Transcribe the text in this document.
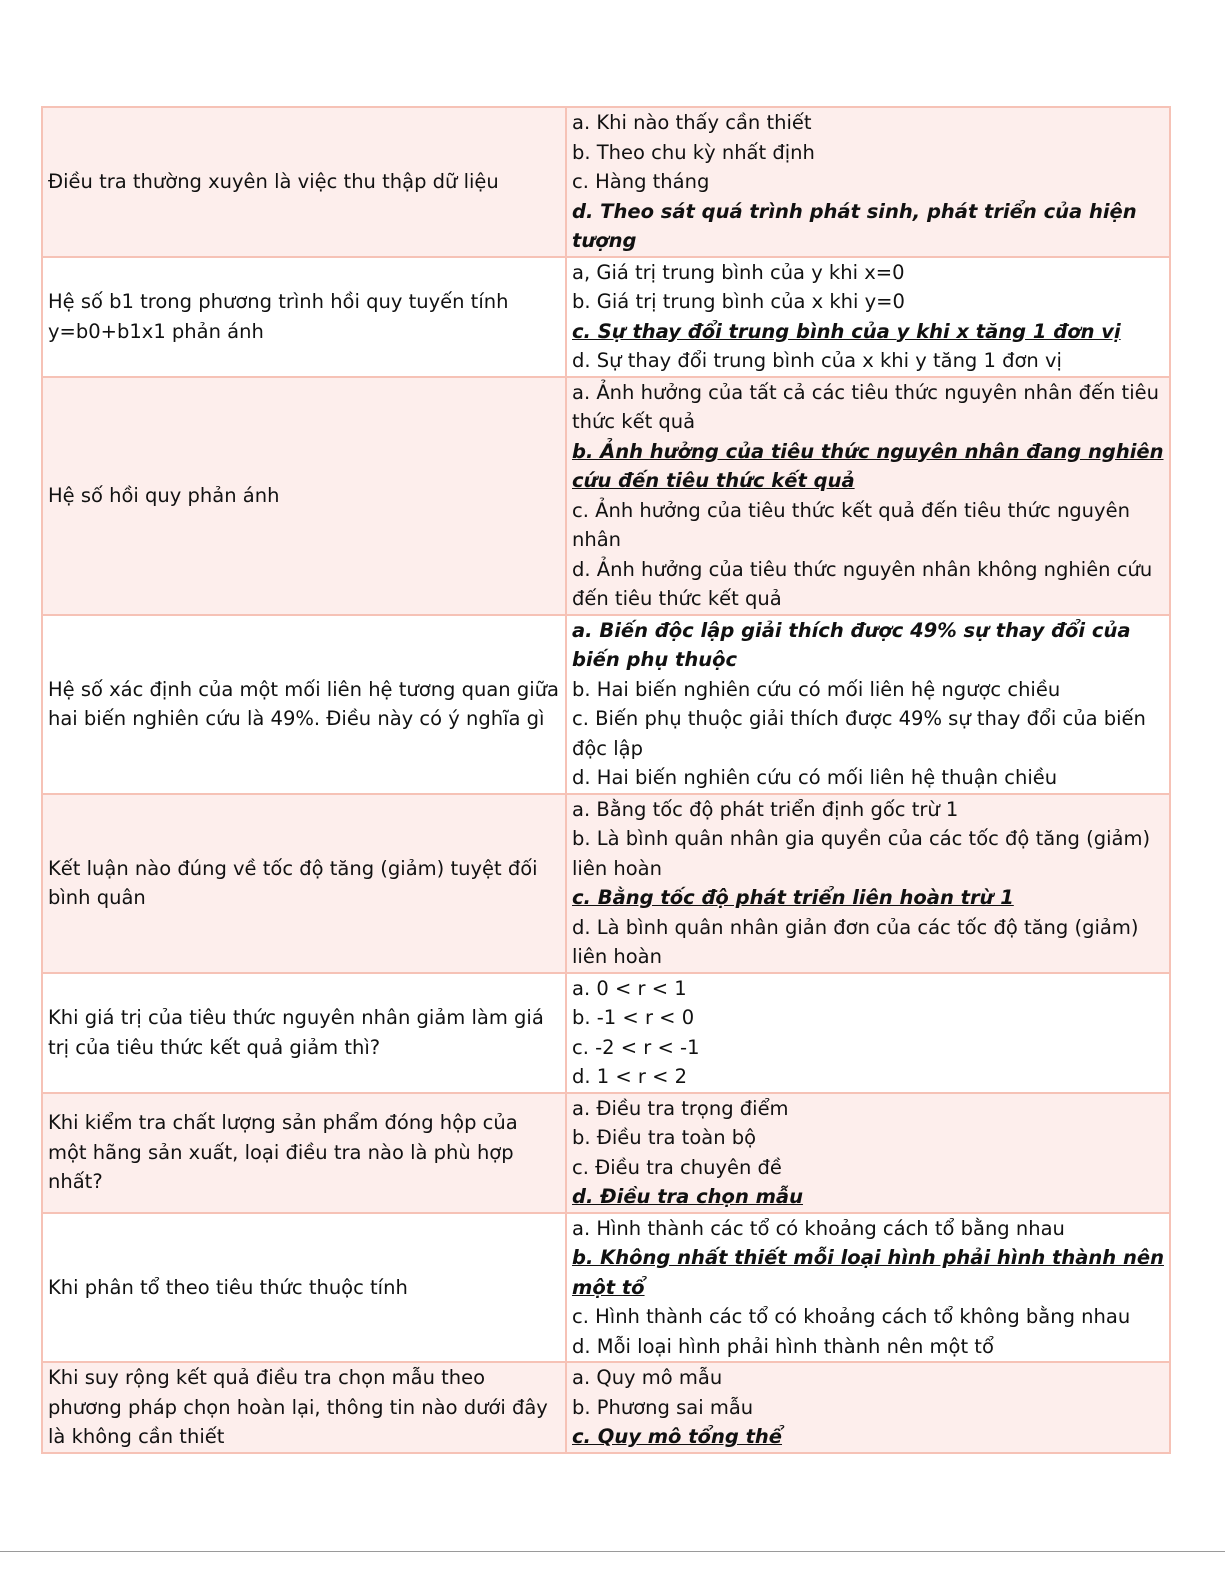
Điều tra thường xuyên là việc thu thập dữ liệu	a. Khi nào thấy cần thiết
b. Theo chu kỳ nhất định
c. Hàng tháng
d. Theo sát quá trình phát sinh, phát triển của hiện tượng

Hệ số b1 trong phương trình hồi quy tuyến tính y=b0+b1x1 phản ánh	a, Giá trị trung bình của y khi x=0
b. Giá trị trung bình của x khi y=0
c. Sự thay đổi trung bình của y khi x tăng 1 đơn vị
d. Sự thay đổi trung bình của x khi y tăng 1 đơn vị

Hệ số hồi quy phản ánh	a. Ảnh hưởng của tất cả các tiêu thức nguyên nhân đến tiêu thức kết quả
b. Ảnh hưởng của tiêu thức nguyên nhân đang nghiên cứu đến tiêu thức kết quả
c. Ảnh hưởng của tiêu thức kết quả đến tiêu thức nguyên nhân
d. Ảnh hưởng của tiêu thức nguyên nhân không nghiên cứu đến tiêu thức kết quả

Hệ số xác định của một mối liên hệ tương quan giữa hai biến nghiên cứu là 49%. Điều này có ý nghĩa gì	a. Biến độc lập giải thích được 49% sự thay đổi của biến phụ thuộc
b. Hai biến nghiên cứu có mối liên hệ ngược chiều
c. Biến phụ thuộc giải thích được 49% sự thay đổi của biến độc lập
d. Hai biến nghiên cứu có mối liên hệ thuận chiều

Kết luận nào đúng về tốc độ tăng (giảm) tuyệt đối bình quân	a. Bằng tốc độ phát triển định gốc trừ 1
b. Là bình quân nhân gia quyền của các tốc độ tăng (giảm) liên hoàn
c. Bằng tốc độ phát triển liên hoàn trừ 1
d. Là bình quân nhân giản đơn của các tốc độ tăng (giảm) liên hoàn

Khi giá trị của tiêu thức nguyên nhân giảm làm giá trị của tiêu thức kết quả giảm thì?	a. 0 < r < 1
b. -1 < r < 0
c. -2 < r < -1
d. 1 < r < 2

Khi kiểm tra chất lượng sản phẩm đóng hộp của một hãng sản xuất, loại điều tra nào là phù hợp nhất?	a. Điều tra trọng điểm
b. Điều tra toàn bộ
c. Điều tra chuyên đề
d. Điều tra chọn mẫu

Khi phân tổ theo tiêu thức thuộc tính	a. Hình thành các tổ có khoảng cách tổ bằng nhau
b. Không nhất thiết mỗi loại hình phải hình thành nên một tổ
c. Hình thành các tổ có khoảng cách tổ không bằng nhau
d. Mỗi loại hình phải hình thành nên một tổ

Khi suy rộng kết quả điều tra chọn mẫu theo phương pháp chọn hoàn lại, thông tin nào dưới đây là không cần thiết	a. Quy mô mẫu
b. Phương sai mẫu
c. Quy mô tổng thể
